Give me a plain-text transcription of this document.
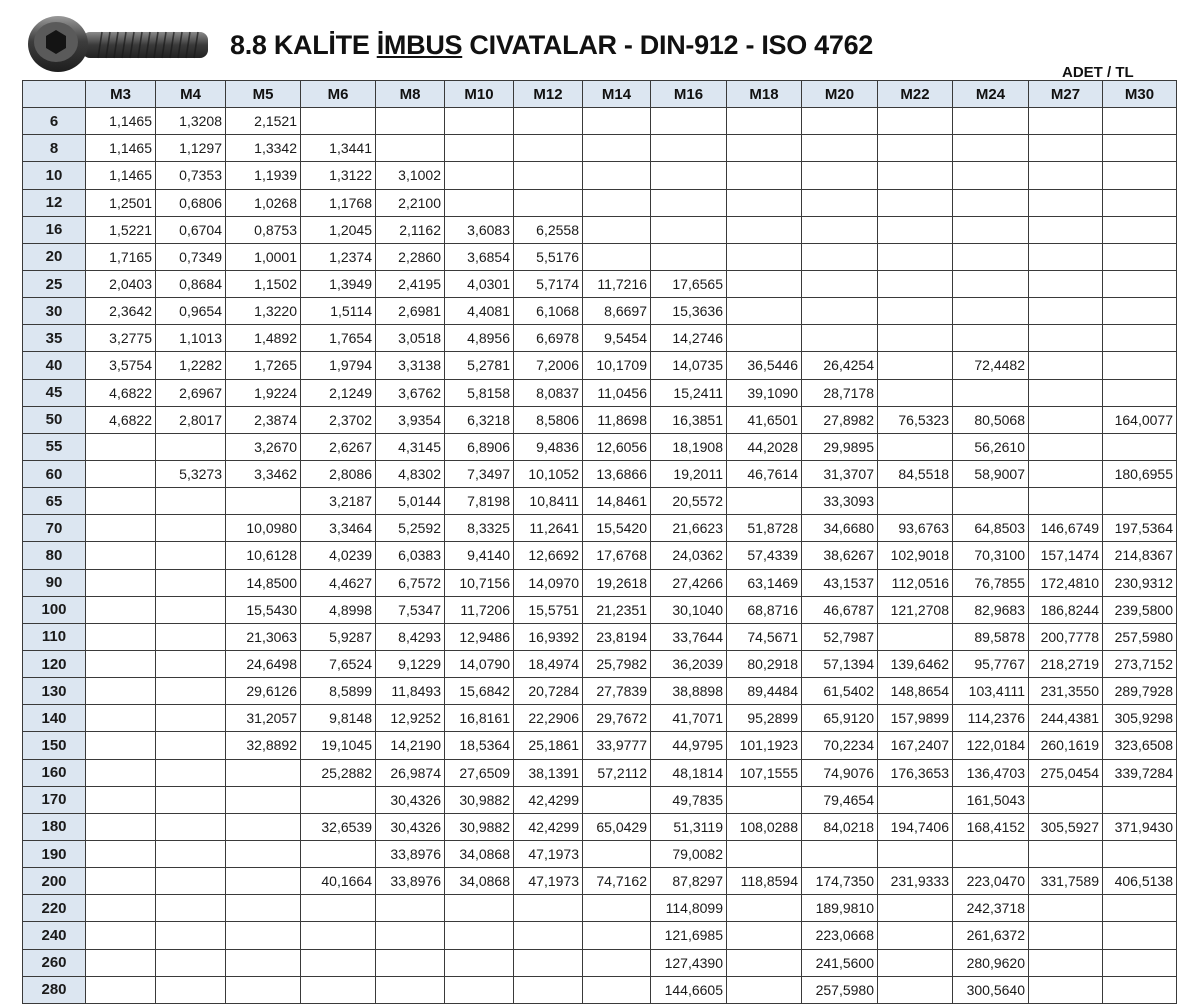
8.8 KALİTE İMBUS CIVATALAR - DIN-912 - ISO 4762
ADET / TL
	M3	M4	M5	M6	M8	M10	M12	M14	M16	M18	M20	M22	M24	M27	M30
6	1,1465	1,3208	2,1521												
8	1,1465	1,1297	1,3342	1,3441											
10	1,1465	0,7353	1,1939	1,3122	3,1002										
12	1,2501	0,6806	1,0268	1,1768	2,2100										
16	1,5221	0,6704	0,8753	1,2045	2,1162	3,6083	6,2558								
20	1,7165	0,7349	1,0001	1,2374	2,2860	3,6854	5,5176								
25	2,0403	0,8684	1,1502	1,3949	2,4195	4,0301	5,7174	11,7216	17,6565						
30	2,3642	0,9654	1,3220	1,5114	2,6981	4,4081	6,1068	8,6697	15,3636						
35	3,2775	1,1013	1,4892	1,7654	3,0518	4,8956	6,6978	9,5454	14,2746						
40	3,5754	1,2282	1,7265	1,9794	3,3138	5,2781	7,2006	10,1709	14,0735	36,5446	26,4254		72,4482		
45	4,6822	2,6967	1,9224	2,1249	3,6762	5,8158	8,0837	11,0456	15,2411	39,1090	28,7178				
50	4,6822	2,8017	2,3874	2,3702	3,9354	6,3218	8,5806	11,8698	16,3851	41,6501	27,8982	76,5323	80,5068		164,0077
55			3,2670	2,6267	4,3145	6,8906	9,4836	12,6056	18,1908	44,2028	29,9895		56,2610		
60		5,3273	3,3462	2,8086	4,8302	7,3497	10,1052	13,6866	19,2011	46,7614	31,3707	84,5518	58,9007		180,6955
65				3,2187	5,0144	7,8198	10,8411	14,8461	20,5572		33,3093				
70			10,0980	3,3464	5,2592	8,3325	11,2641	15,5420	21,6623	51,8728	34,6680	93,6763	64,8503	146,6749	197,5364
80			10,6128	4,0239	6,0383	9,4140	12,6692	17,6768	24,0362	57,4339	38,6267	102,9018	70,3100	157,1474	214,8367
90			14,8500	4,4627	6,7572	10,7156	14,0970	19,2618	27,4266	63,1469	43,1537	112,0516	76,7855	172,4810	230,9312
100			15,5430	4,8998	7,5347	11,7206	15,5751	21,2351	30,1040	68,8716	46,6787	121,2708	82,9683	186,8244	239,5800
110			21,3063	5,9287	8,4293	12,9486	16,9392	23,8194	33,7644	74,5671	52,7987		89,5878	200,7778	257,5980
120			24,6498	7,6524	9,1229	14,0790	18,4974	25,7982	36,2039	80,2918	57,1394	139,6462	95,7767	218,2719	273,7152
130			29,6126	8,5899	11,8493	15,6842	20,7284	27,7839	38,8898	89,4484	61,5402	148,8654	103,4111	231,3550	289,7928
140			31,2057	9,8148	12,9252	16,8161	22,2906	29,7672	41,7071	95,2899	65,9120	157,9899	114,2376	244,4381	305,9298
150			32,8892	19,1045	14,2190	18,5364	25,1861	33,9777	44,9795	101,1923	70,2234	167,2407	122,0184	260,1619	323,6508
160				25,2882	26,9874	27,6509	38,1391	57,2112	48,1814	107,1555	74,9076	176,3653	136,4703	275,0454	339,7284
170					30,4326	30,9882	42,4299		49,7835		79,4654		161,5043		
180				32,6539	30,4326	30,9882	42,4299	65,0429	51,3119	108,0288	84,0218	194,7406	168,4152	305,5927	371,9430
190					33,8976	34,0868	47,1973		79,0082						
200				40,1664	33,8976	34,0868	47,1973	74,7162	87,8297	118,8594	174,7350	231,9333	223,0470	331,7589	406,5138
220									114,8099		189,9810		242,3718		
240									121,6985		223,0668		261,6372		
260									127,4390		241,5600		280,9620		
280									144,6605		257,5980		300,5640		
